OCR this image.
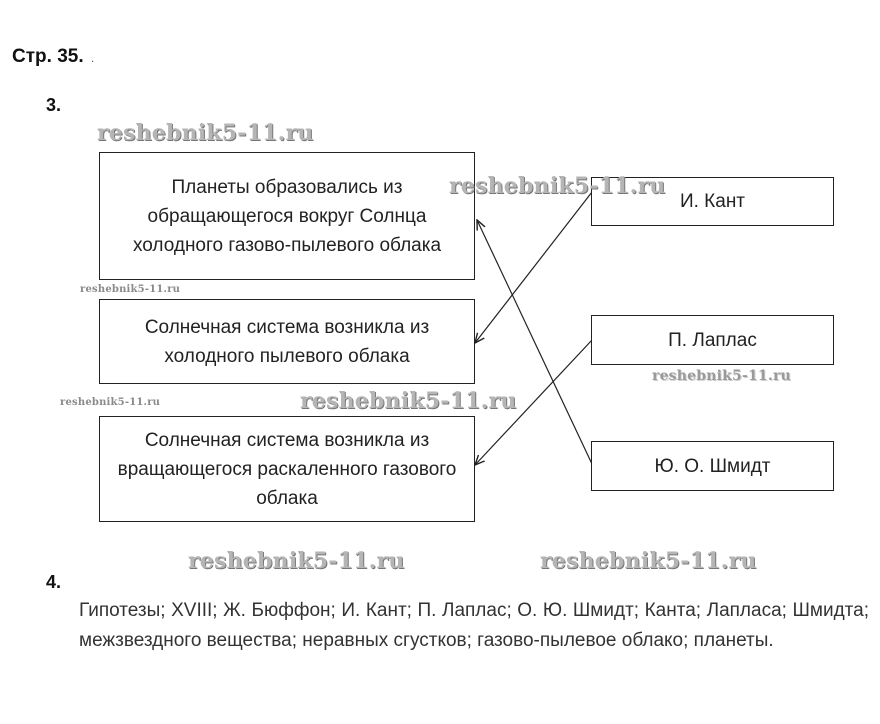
Стр. 35. .
3.
Планеты образовались из обращающегося вокруг Солнца холодного газово-пылевого облака
Солнечная система возникла из холодного пылевого облака
Солнечная система возникла из вращающегося раскаленного газового облака
И. Кант
П. Лаплас
Ю. О. Шмидт
reshebnik5-11.ru
reshebnik5-11.ru
reshebnik5-11.ru
reshebnik5-11.ru	reshebnik5-11.ru
reshebnik5-11.ru
reshebnik5-11.ru	reshebnik5-11.ru
4.
Гипотезы; XVIII; Ж. Бюффон; И. Кант; П. Лаплас; О. Ю. Шмидт; Канта; Лапласа; Шмидта; межзвездного вещества; неравных сгустков; газово-пылевое облако; планеты.
